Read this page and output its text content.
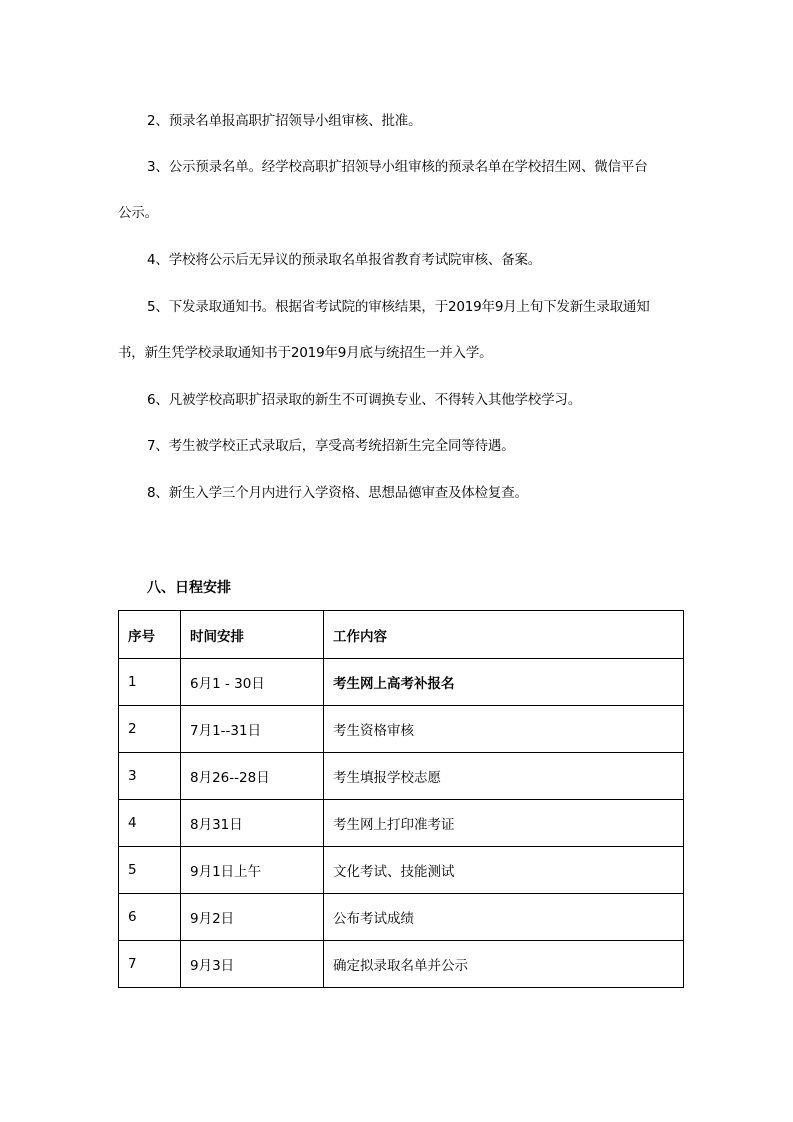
2、预录名单报高职扩招领导小组审核、批准。
3、公示预录名单。经学校高职扩招领导小组审核的预录名单在学校招生网、微信平台
公示。
4、学校将公示后无异议的预录取名单报省教育考试院审核、备案。
5、下发录取通知书。根据省考试院的审核结果，于2019年9月上旬下发新生录取通知
书，新生凭学校录取通知书于2019年9月底与统招生一并入学。
6、凡被学校高职扩招录取的新生不可调换专业、不得转入其他学校学习。
7、考生被学校正式录取后，享受高考统招新生完全同等待遇。
8、新生入学三个月内进行入学资格、思想品德审查及体检复查。
八、日程安排
序号	时间安排	工作内容
1	6月1 - 30日	考生网上高考补报名
2	7月1--31日	考生资格审核
3	8月26--28日	考生填报学校志愿
4	8月31日	考生网上打印准考证
5	9月1日上午	文化考试、技能测试
6	9月2日	公布考试成绩
7	9月3日	确定拟录取名单并公示
